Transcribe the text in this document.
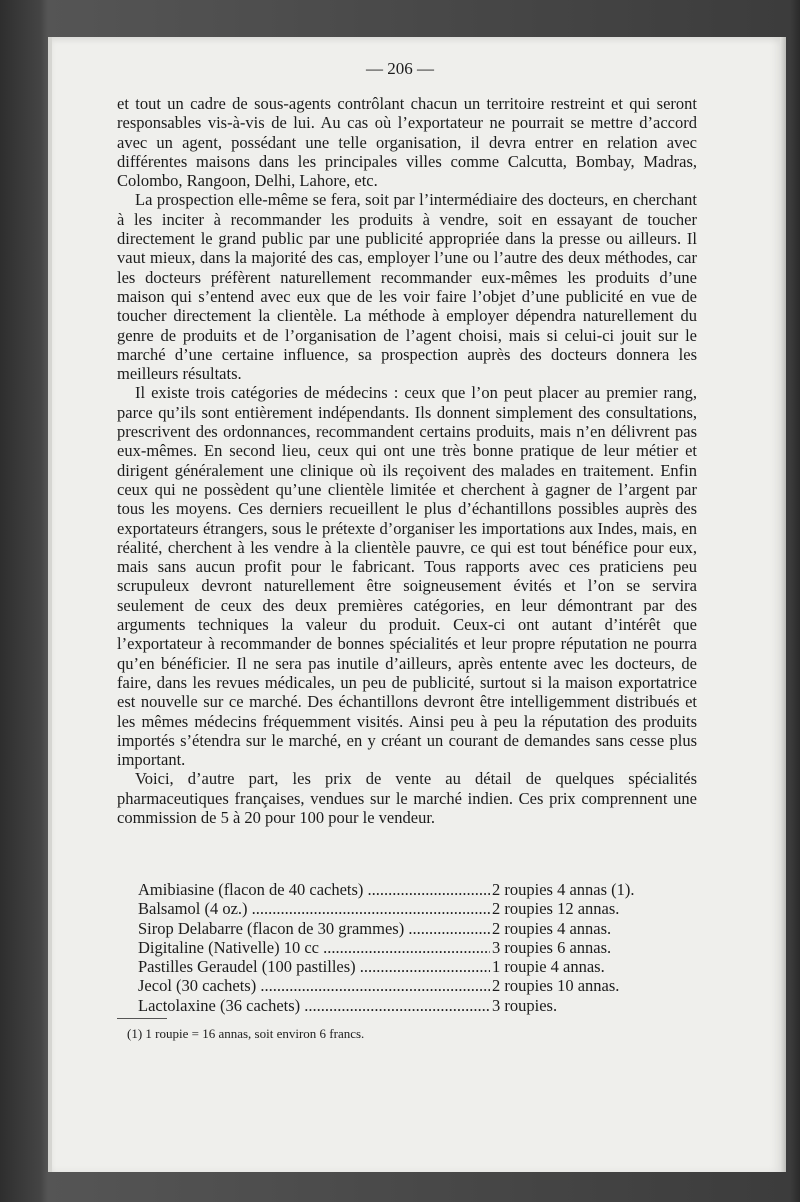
— 206 —

et tout un cadre de sous-agents contrôlant chacun un territoire restreint et qui seront responsables vis-à-vis de lui. Au cas où l’exportateur ne pourrait se mettre d’accord avec un agent, possédant une telle organisation, il devra entrer en relation avec différentes maisons dans les principales villes comme Calcutta, Bombay, Madras, Colombo, Rangoon, Delhi, Lahore, etc.

La prospection elle-même se fera, soit par l’intermédiaire des docteurs, en cherchant à les inciter à recommander les produits à vendre, soit en essayant de toucher directement le grand public par une publicité appropriée dans la presse ou ailleurs. Il vaut mieux, dans la majorité des cas, employer l’une ou l’autre des deux méthodes, car les docteurs préfèrent naturellement recommander eux-mêmes les produits d’une maison qui s’entend avec eux que de les voir faire l’objet d’une publicité en vue de toucher directement la clientèle. La méthode à employer dépendra naturellement du genre de produits et de l’organisation de l’agent choisi, mais si celui-ci jouit sur le marché d’une certaine influence, sa prospection auprès des docteurs donnera les meilleurs résultats.

Il existe trois catégories de médecins : ceux que l’on peut placer au premier rang, parce qu’ils sont entièrement indépendants. Ils donnent simplement des consultations, prescrivent des ordonnances, recommandent certains produits, mais n’en délivrent pas eux-mêmes. En second lieu, ceux qui ont une très bonne pratique de leur métier et dirigent généralement une clinique où ils reçoivent des malades en traitement. Enfin ceux qui ne possèdent qu’une clientèle limitée et cherchent à gagner de l’argent par tous les moyens. Ces derniers recueillent le plus d’échantillons possibles auprès des exportateurs étrangers, sous le prétexte d’organiser les importations aux Indes, mais, en réalité, cherchent à les vendre à la clientèle pauvre, ce qui est tout bénéfice pour eux, mais sans aucun profit pour le fabricant. Tous rapports avec ces praticiens peu scrupuleux devront naturellement être soigneusement évités et l’on se servira seulement de ceux des deux premières catégories, en leur démontrant par des arguments techniques la valeur du produit. Ceux-ci ont autant d’intérêt que l’exportateur à recommander de bonnes spécialités et leur propre réputation ne pourra qu’en bénéficier. Il ne sera pas inutile d’ailleurs, après entente avec les docteurs, de faire, dans les revues médicales, un peu de publicité, surtout si la maison exportatrice est nouvelle sur ce marché. Des échantillons devront être intelligemment distribués et les mêmes médecins fréquemment visités. Ainsi peu à peu la réputation des produits importés s’étendra sur le marché, en y créant un courant de demandes sans cesse plus important.

Voici, d’autre part, les prix de vente au détail de quelques spécialités pharmaceutiques françaises, vendues sur le marché indien. Ces prix comprennent une commission de 5 à 20 pour 100 pour le vendeur.

Amibiasine (flacon de 40 cachets) .....	2 roupies 4 annas (1).
Balsamol (4 oz.) .....	2 roupies 12 annas.
Sirop Delabarre (flacon de 30 grammes) .....	2 roupies 4 annas.
Digitaline (Nativelle) 10 cc .....	3 roupies 6 annas.
Pastilles Geraudel (100 pastilles) .....	1 roupie 4 annas.
Jecol (30 cachets) .....	2 roupies 10 annas.
Lactolaxine (36 cachets) .....	3 roupies.
(1) 1 roupie = 16 annas, soit environ 6 francs.
